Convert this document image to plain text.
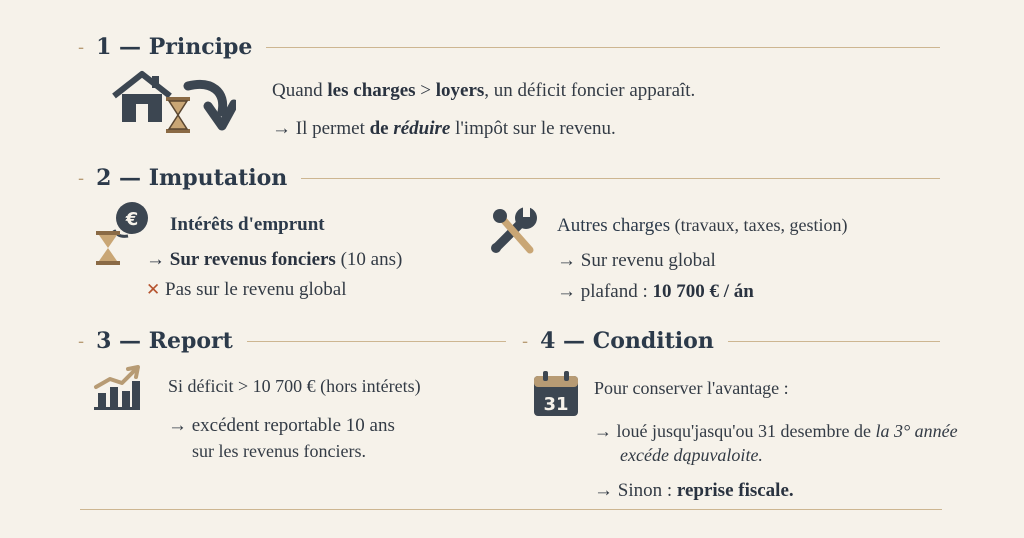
- 1 — Principe
Quand les charges > loyers, un déficit foncier apparaît.
→ Il permet de réduire l'impôt sur le revenu.
- 2 — Imputation
€ Intérêts d'emprunt
→ Sur revenus fonciers (10 ans)
✕ Pas sur le revenu global
Autres charges (travaux, taxes, gestion)
→ Sur revenu global
→ plafand : 10 700 € / án
- 3 — Report
Si déficit > 10 700 € (hors intérets)
→ excédent reportable 10 ans
sur les revenus fonciers.
- 4 — Condition
31
Pour conserver l'avantage :
→ loué jusqu'jasqu'ou 31 desembre de la 3° année
excéde dąpuvaloite.
→ Sinon : reprise fiscale.
